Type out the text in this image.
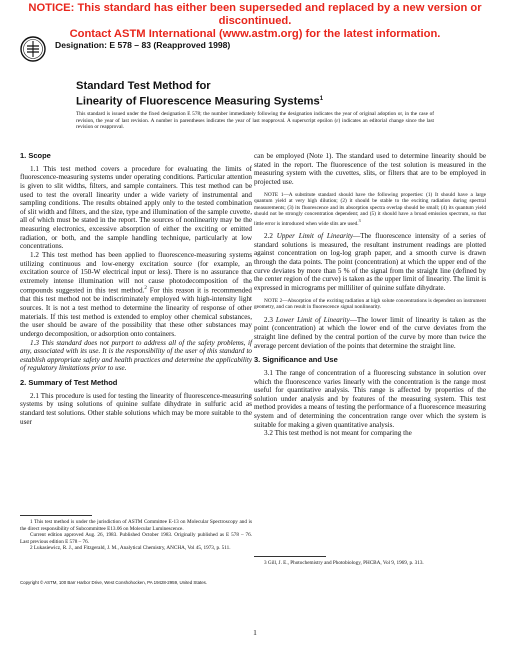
NOTICE: This standard has either been superseded and replaced by a new version or discontinued.
Contact ASTM International (www.astm.org) for the latest information.
Designation: E 578 – 83 (Reapproved 1998)
Standard Test Method for
Linearity of Fluorescence Measuring Systems$^1$
This standard is issued under the fixed designation E 578; the number immediately following the designation indicates the year of original adoption or, in the case of revision, the year of last revision. A number in parentheses indicates the year of last reapproval. A superscript epsilon (ε) indicates an editorial change since the last revision or reapproval.
1. Scope

1.1 This test method covers a procedure for evaluating the limits of fluorescence-measuring systems under operating conditions. Particular attention is given to slit widths, filters, and sample containers. This test method can be used to test the overall linearity under a wide variety of instrumental and sampling conditions. The results obtained apply only to the tested combination of slit width and filters, and the size, type and illumination of the sample cuvette, all of which must be stated in the report. The sources of nonlinearity may be the measuring electronics, excessive absorption of either the exciting or emitted radiation, or both, and the sample handling technique, particularly at low concentrations.

1.2 This test method has been applied to fluorescence-measuring systems utilizing continuous and low-energy excitation source (for example, an excitation source of 150-W electrical input or less). There is no assurance that extremely intense illumination will not cause photodecomposition of the compounds suggested in this test method.$^2$ For this reason it is recommended that this test method not be indiscriminately employed with high-intensity light sources. It is not a test method to determine the linearity of response of other materials. If this test method is extended to employ other chemical substances, the user should be aware of the possibility that these other substances may undergo decomposition, or adsorption onto containers.

1.3 This standard does not purport to address all of the safety problems, if any, associated with its use. It is the responsibility of the user of this standard to establish appropriate safety and health practices and determine the applicability of regulatory limitations prior to use.

2. Summary of Test Method

2.1 This procedure is used for testing the linearity of fluorescence-measuring systems by using solutions of quinine sulfate dihydrate in sulfuric acid as standard test solutions. Other stable solutions which may be more suitable to the user

1 This test method is under the jurisdiction of ASTM Committee E-13 on Molecular Spectroscopy and is the direct responsibility of Subcommittee E13.06 on Molecular Luminescence.

Current edition approved Aug. 26, 1983. Published October 1983. Originally published as E 578 – 76. Last previous edition E 578 – 76.

2 Lukasiewicz, R. J., and Fitzgerald, J. M., Analytical Chemistry, ANCHA, Vol 45, 1973, p. 511.

can be employed (Note 1). The standard used to determine linearity should be stated in the report. The fluorescence of the test solution is measured in the measuring system with the cuvettes, slits, or filters that are to be employed in projected use.

NOTE 1—A substitute standard should have the following properties: (1) It should have a large quantum yield at very high dilution; (2) it should be stable to the exciting radiation during spectral measurements; (3) its fluorescence and its absorption spectra overlap should be small; (4) its quantum yield should not be strongly concentration dependent; and (5) it should have a broad emission spectrum, so that little error is introduced when wide slits are used.$^3$

2.2 Upper Limit of Linearity—The fluorescence intensity of a series of standard solutions is measured, the resultant instrument readings are plotted against concentration on log-log graph paper, and a smooth curve is drawn through the data points. The point (concentration) at which the upper end of the curve deviates by more than 5 % of the signal from the straight line (defined by the center region of the curve) is taken as the upper limit of linearity. The limit is expressed in micrograms per milliliter of quinine sulfate dihydrate.

NOTE 2—Absorption of the exciting radiation at high solute concentrations is dependent on instrument geometry, and can result in fluorescence signal nonlinearity.

2.3 Lower Limit of Linearity—The lower limit of linearity is taken as the point (concentration) at which the lower end of the curve deviates from the straight line defined by the central portion of the curve by more than twice the average percent deviation of the points that determine the straight line.

3. Significance and Use

3.1 The range of concentration of a fluorescing substance in solution over which the fluorescence varies linearly with the concentration is the range most useful for quantitative analysis. This range is affected by properties of the solution under analysis and by features of the measuring system. This test method provides a means of testing the performance of a fluorescence measuring system and of determining the concentration range over which the system is suitable for making a given quantitative analysis.

3.2 This test method is not meant for comparing the

3 Gill, J. E., Photochemistry and Photobiology, PHCBA, Vol 9, 1969, p. 313.

Copyright © ASTM, 100 Barr Harbor Drive, West Conshohocken, PA 19428-2959, United States.
1
